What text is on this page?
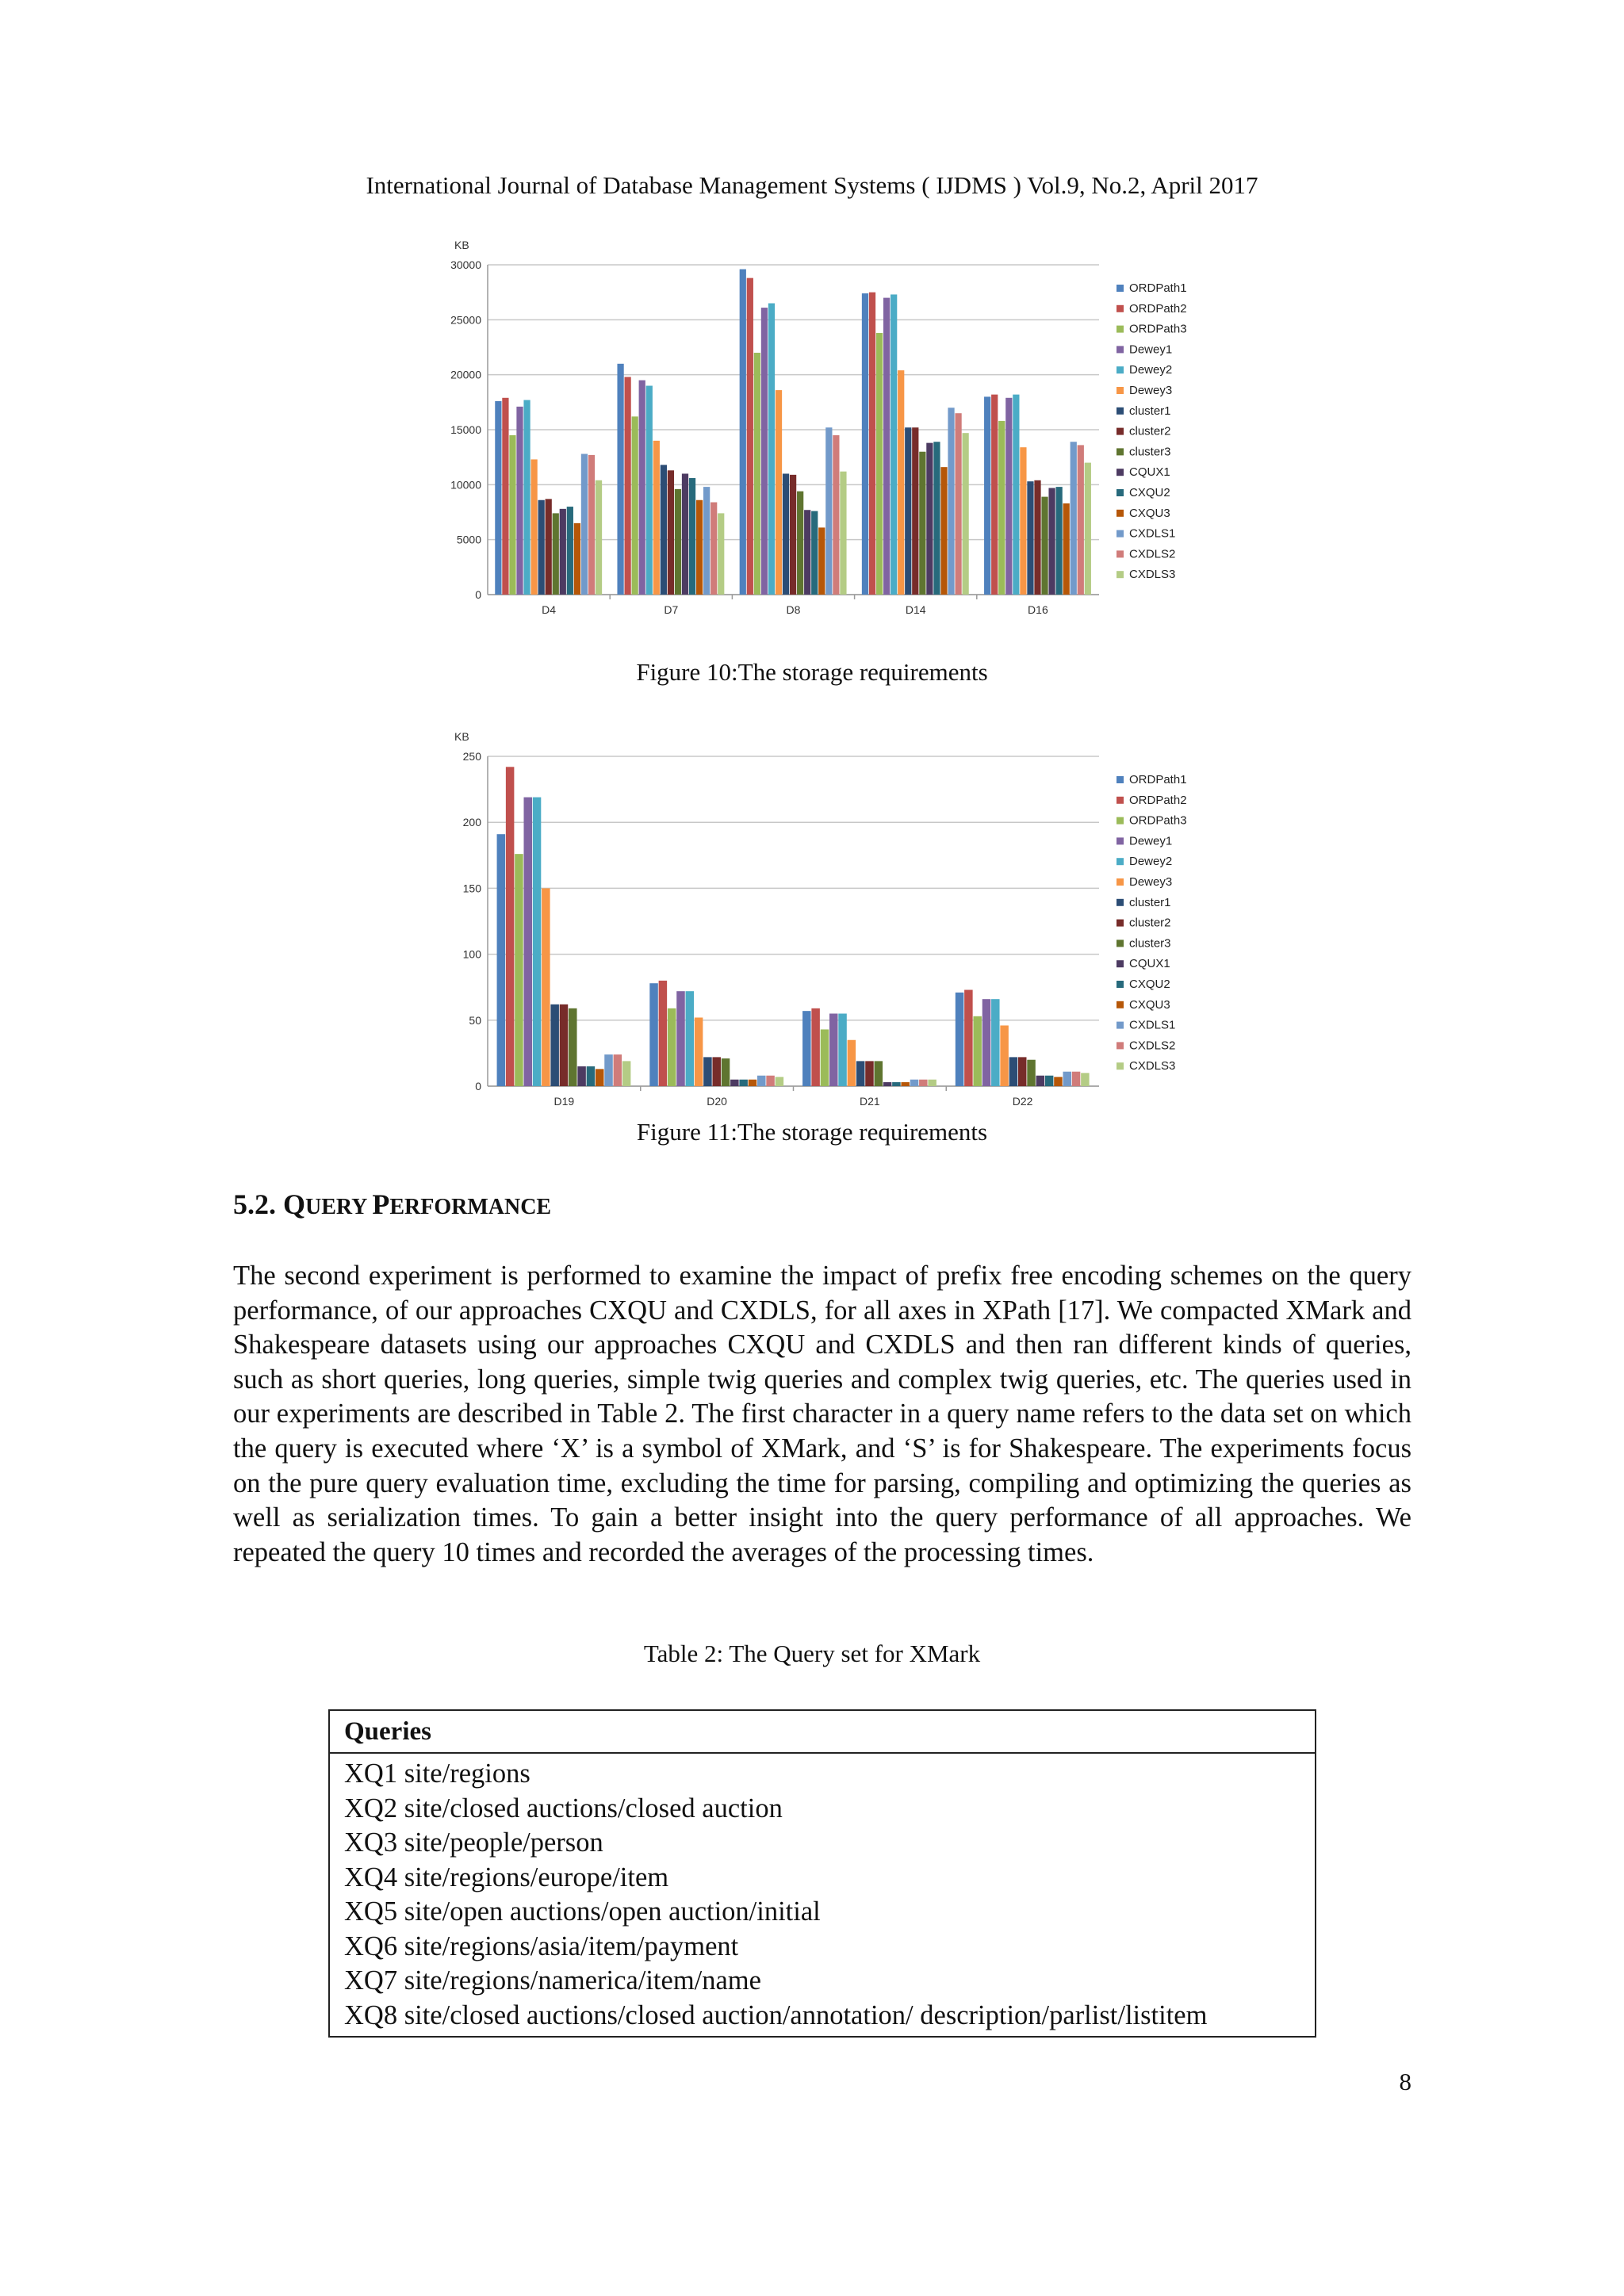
International Journal of Database Management Systems ( IJDMS ) Vol.9, No.2, April 2017
KB
0
5000
10000
15000
20000
25000
30000
D4	D7	D8	D14	D16
ORDPath1
ORDPath2
ORDPath3
Dewey1
Dewey2
Dewey3
cluster1
cluster2
cluster3
CQUX1
CXQU2
CXQU3
CXDLS1
CXDLS2
CXDLS3
Figure 10:The storage requirements
KB
0
50
100
150
200
250
D19	D20	D21	D22
ORDPath1
ORDPath2
ORDPath3
Dewey1
Dewey2
Dewey3
cluster1
cluster2
cluster3
CQUX1
CXQU2
CXQU3
CXDLS1
CXDLS2
CXDLS3
Figure 11:The storage requirements
5.2. QUERY PERFORMANCE
The second experiment is performed to examine the impact of prefix free encoding schemes on the query performance, of our approaches CXQU and CXDLS, for all axes in XPath [17]. We compacted XMark and Shakespeare datasets using our approaches CXQU and CXDLS and then ran different kinds of queries, such as short queries, long queries, simple twig queries and complex twig queries, etc. The queries used in our experiments are described in Table 2. The first character in a query name refers to the data set on which the query is executed where ‘X’ is a symbol of XMark, and ‘S’ is for Shakespeare. The experiments focus on the pure query evaluation time, excluding the time for parsing, compiling and optimizing the queries as well as serialization times. To gain a better insight into the query performance of all approaches. We repeated the query 10 times and recorded the averages of the processing times.
Table 2: The Query set for XMark
Queries
XQ1 site/regions
XQ2 site/closed auctions/closed auction
XQ3 site/people/person
XQ4 site/regions/europe/item
XQ5 site/open auctions/open auction/initial
XQ6 site/regions/asia/item/payment
XQ7 site/regions/namerica/item/name
XQ8 site/closed auctions/closed auction/annotation/ description/parlist/listitem
8
